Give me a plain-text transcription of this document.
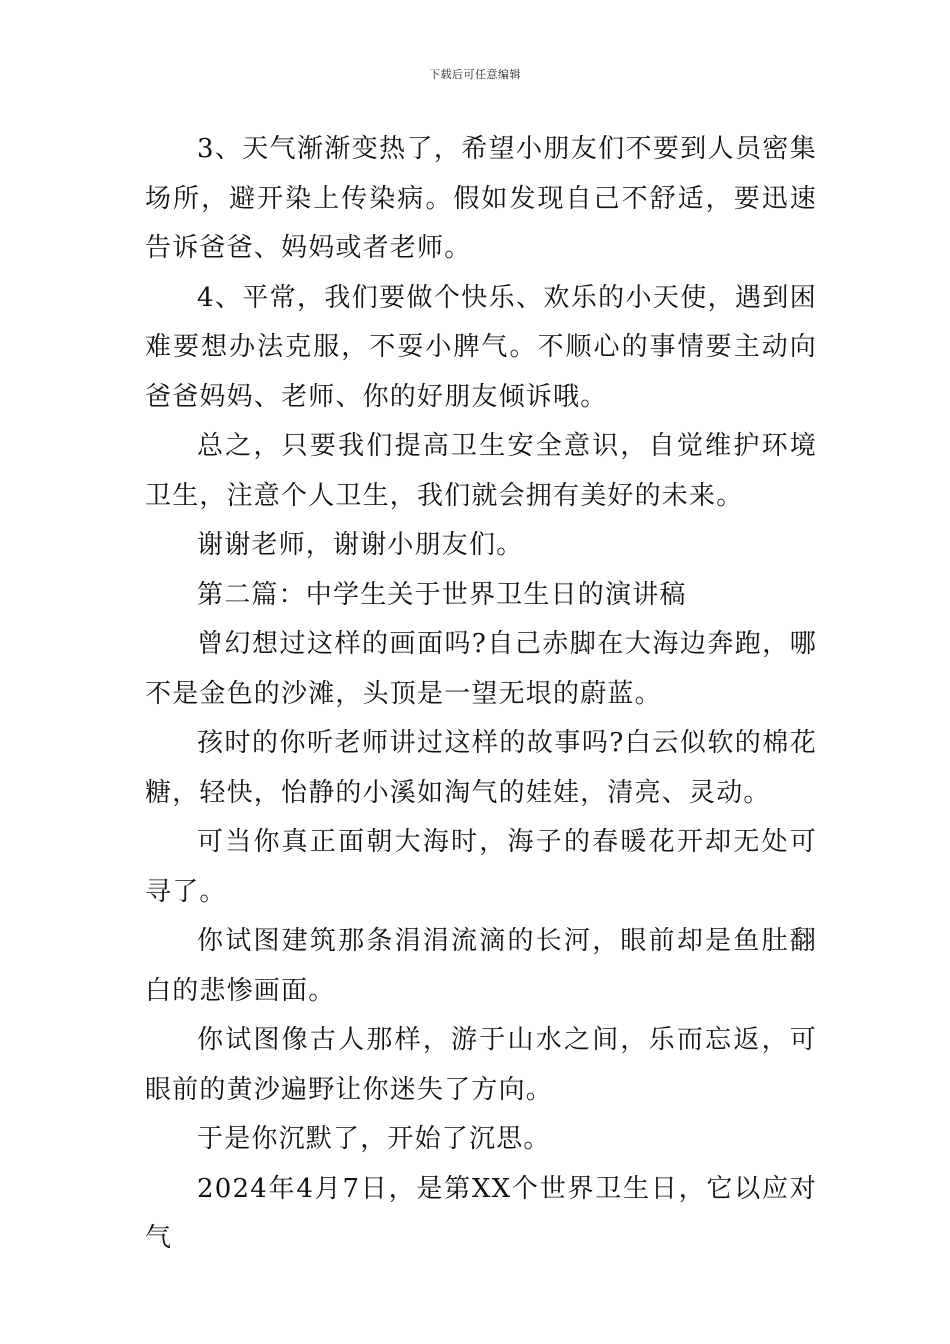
下载后可任意编辑

3、天气渐渐变热了，希望小朋友们不要到人员密集场所，避开染上传染病。假如发现自己不舒适，要迅速告诉爸爸、妈妈或者老师。

4、平常，我们要做个快乐、欢乐的小天使，遇到困难要想办法克服，不耍小脾气。不顺心的事情要主动向爸爸妈妈、老师、你的好朋友倾诉哦。

总之，只要我们提高卫生安全意识，自觉维护环境卫生，注意个人卫生，我们就会拥有美好的未来。

谢谢老师，谢谢小朋友们。

第二篇：中学生关于世界卫生日的演讲稿

曾幻想过这样的画面吗?自己赤脚在大海边奔跑，哪不是金色的沙滩，头顶是一望无垠的蔚蓝。

孩时的你听老师讲过这样的故事吗?白云似软的棉花糖，轻快，怡静的小溪如淘气的娃娃，清亮、灵动。

可当你真正面朝大海时，海子的春暖花开却无处可寻了。

你试图建筑那条涓涓流滴的长河，眼前却是鱼肚翻白的悲惨画面。

你试图像古人那样，游于山水之间，乐而忘返，可眼前的黄沙遍野让你迷失了方向。

于是你沉默了，开始了沉思。

2024年4月7日，是第XX个世界卫生日，它以应对气
